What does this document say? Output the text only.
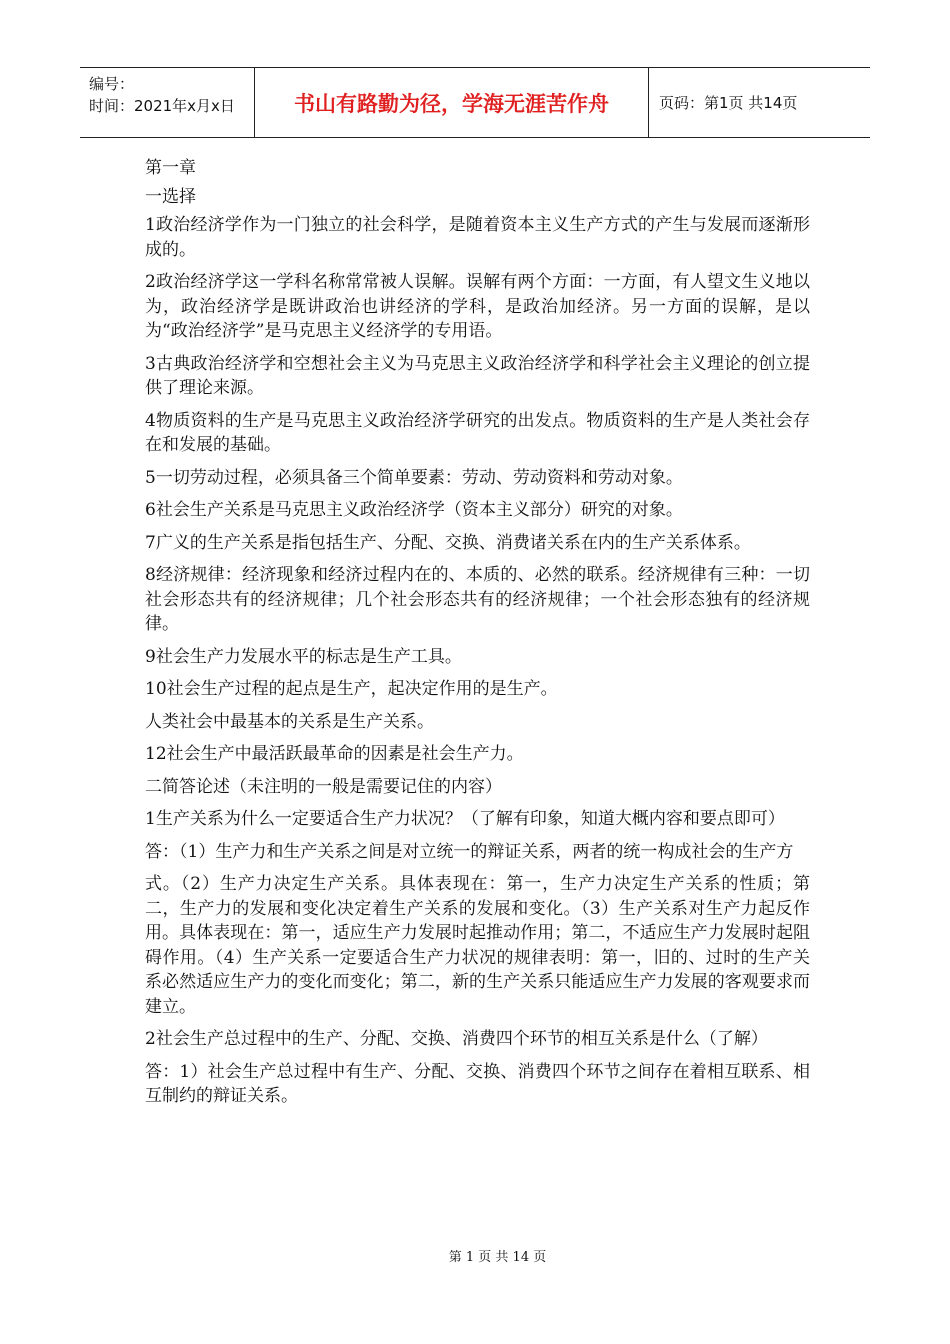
编号：
时间：2021年x月x日	书山有路勤为径，学海无涯苦作舟	页码：第1页 共14页

第一章

一选择

1政治经济学作为一门独立的社会科学，是随着资本主义生产方式的产生与发展而逐渐形成的。

2政治经济学这一学科名称常常被人误解。误解有两个方面：一方面，有人望文生义地以为，政治经济学是既讲政治也讲经济的学科，是政治加经济。另一方面的误解，是以为“政治经济学”是马克思主义经济学的专用语。

3古典政治经济学和空想社会主义为马克思主义政治经济学和科学社会主义理论的创立提供了理论来源。

4物质资料的生产是马克思主义政治经济学研究的出发点。物质资料的生产是人类社会存在和发展的基础。

5一切劳动过程，必须具备三个简单要素：劳动、劳动资料和劳动对象。

6社会生产关系是马克思主义政治经济学（资本主义部分）研究的对象。

7广义的生产关系是指包括生产、分配、交换、消费诸关系在内的生产关系体系。

8经济规律：经济现象和经济过程内在的、本质的、必然的联系。经济规律有三种：一切社会形态共有的经济规律；几个社会形态共有的经济规律；一个社会形态独有的经济规律。

9社会生产力发展水平的标志是生产工具。

10社会生产过程的起点是生产，起决定作用的是生产。

人类社会中最基本的关系是生产关系。

12社会生产中最活跃最革命的因素是社会生产力。

二简答论述（未注明的一般是需要记住的内容）

1生产关系为什么一定要适合生产力状况？（了解有印象，知道大概内容和要点即可）

答：（1）生产力和生产关系之间是对立统一的辩证关系，两者的统一构成社会的生产方

式。（2）生产力决定生产关系。具体表现在：第一，生产力决定生产关系的性质；第二，生产力的发展和变化决定着生产关系的发展和变化。（3）生产关系对生产力起反作用。具体表现在：第一，适应生产力发展时起推动作用；第二，不适应生产力发展时起阻碍作用。（4）生产关系一定要适合生产力状况的规律表明：第一，旧的、过时的生产关系必然适应生产力的变化而变化；第二，新的生产关系只能适应生产力发展的客观要求而建立。

2社会生产总过程中的生产、分配、交换、消费四个环节的相互关系是什么（了解）

答：1）社会生产总过程中有生产、分配、交换、消费四个环节之间存在着相互联系、相互制约的辩证关系。

第 1 页 共 14 页
